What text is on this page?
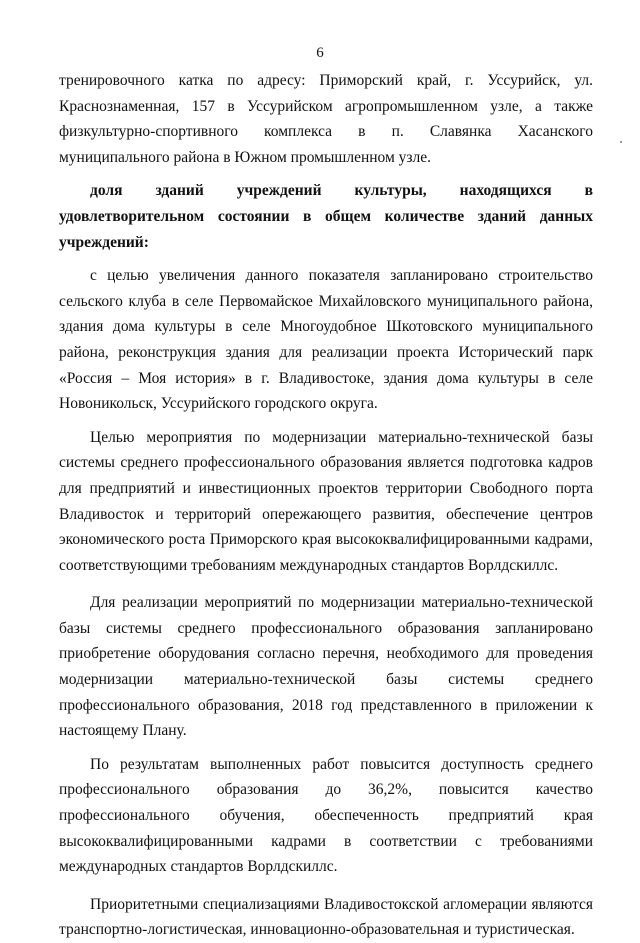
6

тренировочного катка по адресу: Приморский край, г. Уссурийск, ул. Краснознаменная, 157 в Уссурийском агропромышленном узле, а также физкультурно-спортивного комплекса в п. Славянка Хасанского муниципального района в Южном промышленном узле.

доля зданий учреждений культуры, находящихся в удовлетворительном состоянии в общем количестве зданий данных учреждений:

с целью увеличения данного показателя запланировано строительство сельского клуба в селе Первомайское Михайловского муниципального района, здания дома культуры в селе Многоудобное Шкотовского муниципального района, реконструкция здания для реализации проекта Исторический парк «Россия – Моя история» в г. Владивостоке, здания дома культуры в селе Новоникольск, Уссурийского городского округа.

Целью мероприятия по модернизации материально-технической базы системы среднего профессионального образования является подготовка кадров для предприятий и инвестиционных проектов территории Свободного порта Владивосток и территорий опережающего развития, обеспечение центров экономического роста Приморского края высококвалифицированными кадрами, соответствующими требованиям международных стандартов Ворлдскиллс.

Для реализации мероприятий по модернизации материально-технической базы системы среднего профессионального образования запланировано приобретение оборудования согласно перечня, необходимого для проведения модернизации материально-технической базы системы среднего профессионального образования, 2018 год представленного в приложении к настоящему Плану.

По результатам выполненных работ повысится доступность среднего профессионального образования до 36,2%, повысится качество профессионального обучения, обеспеченность предприятий края высококвалифицированными кадрами в соответствии с требованиями международных стандартов Ворлдскиллс.

Приоритетными специализациями Владивостокской агломерации являются транспортно-логистическая, инновационно-образовательная и туристическая.
